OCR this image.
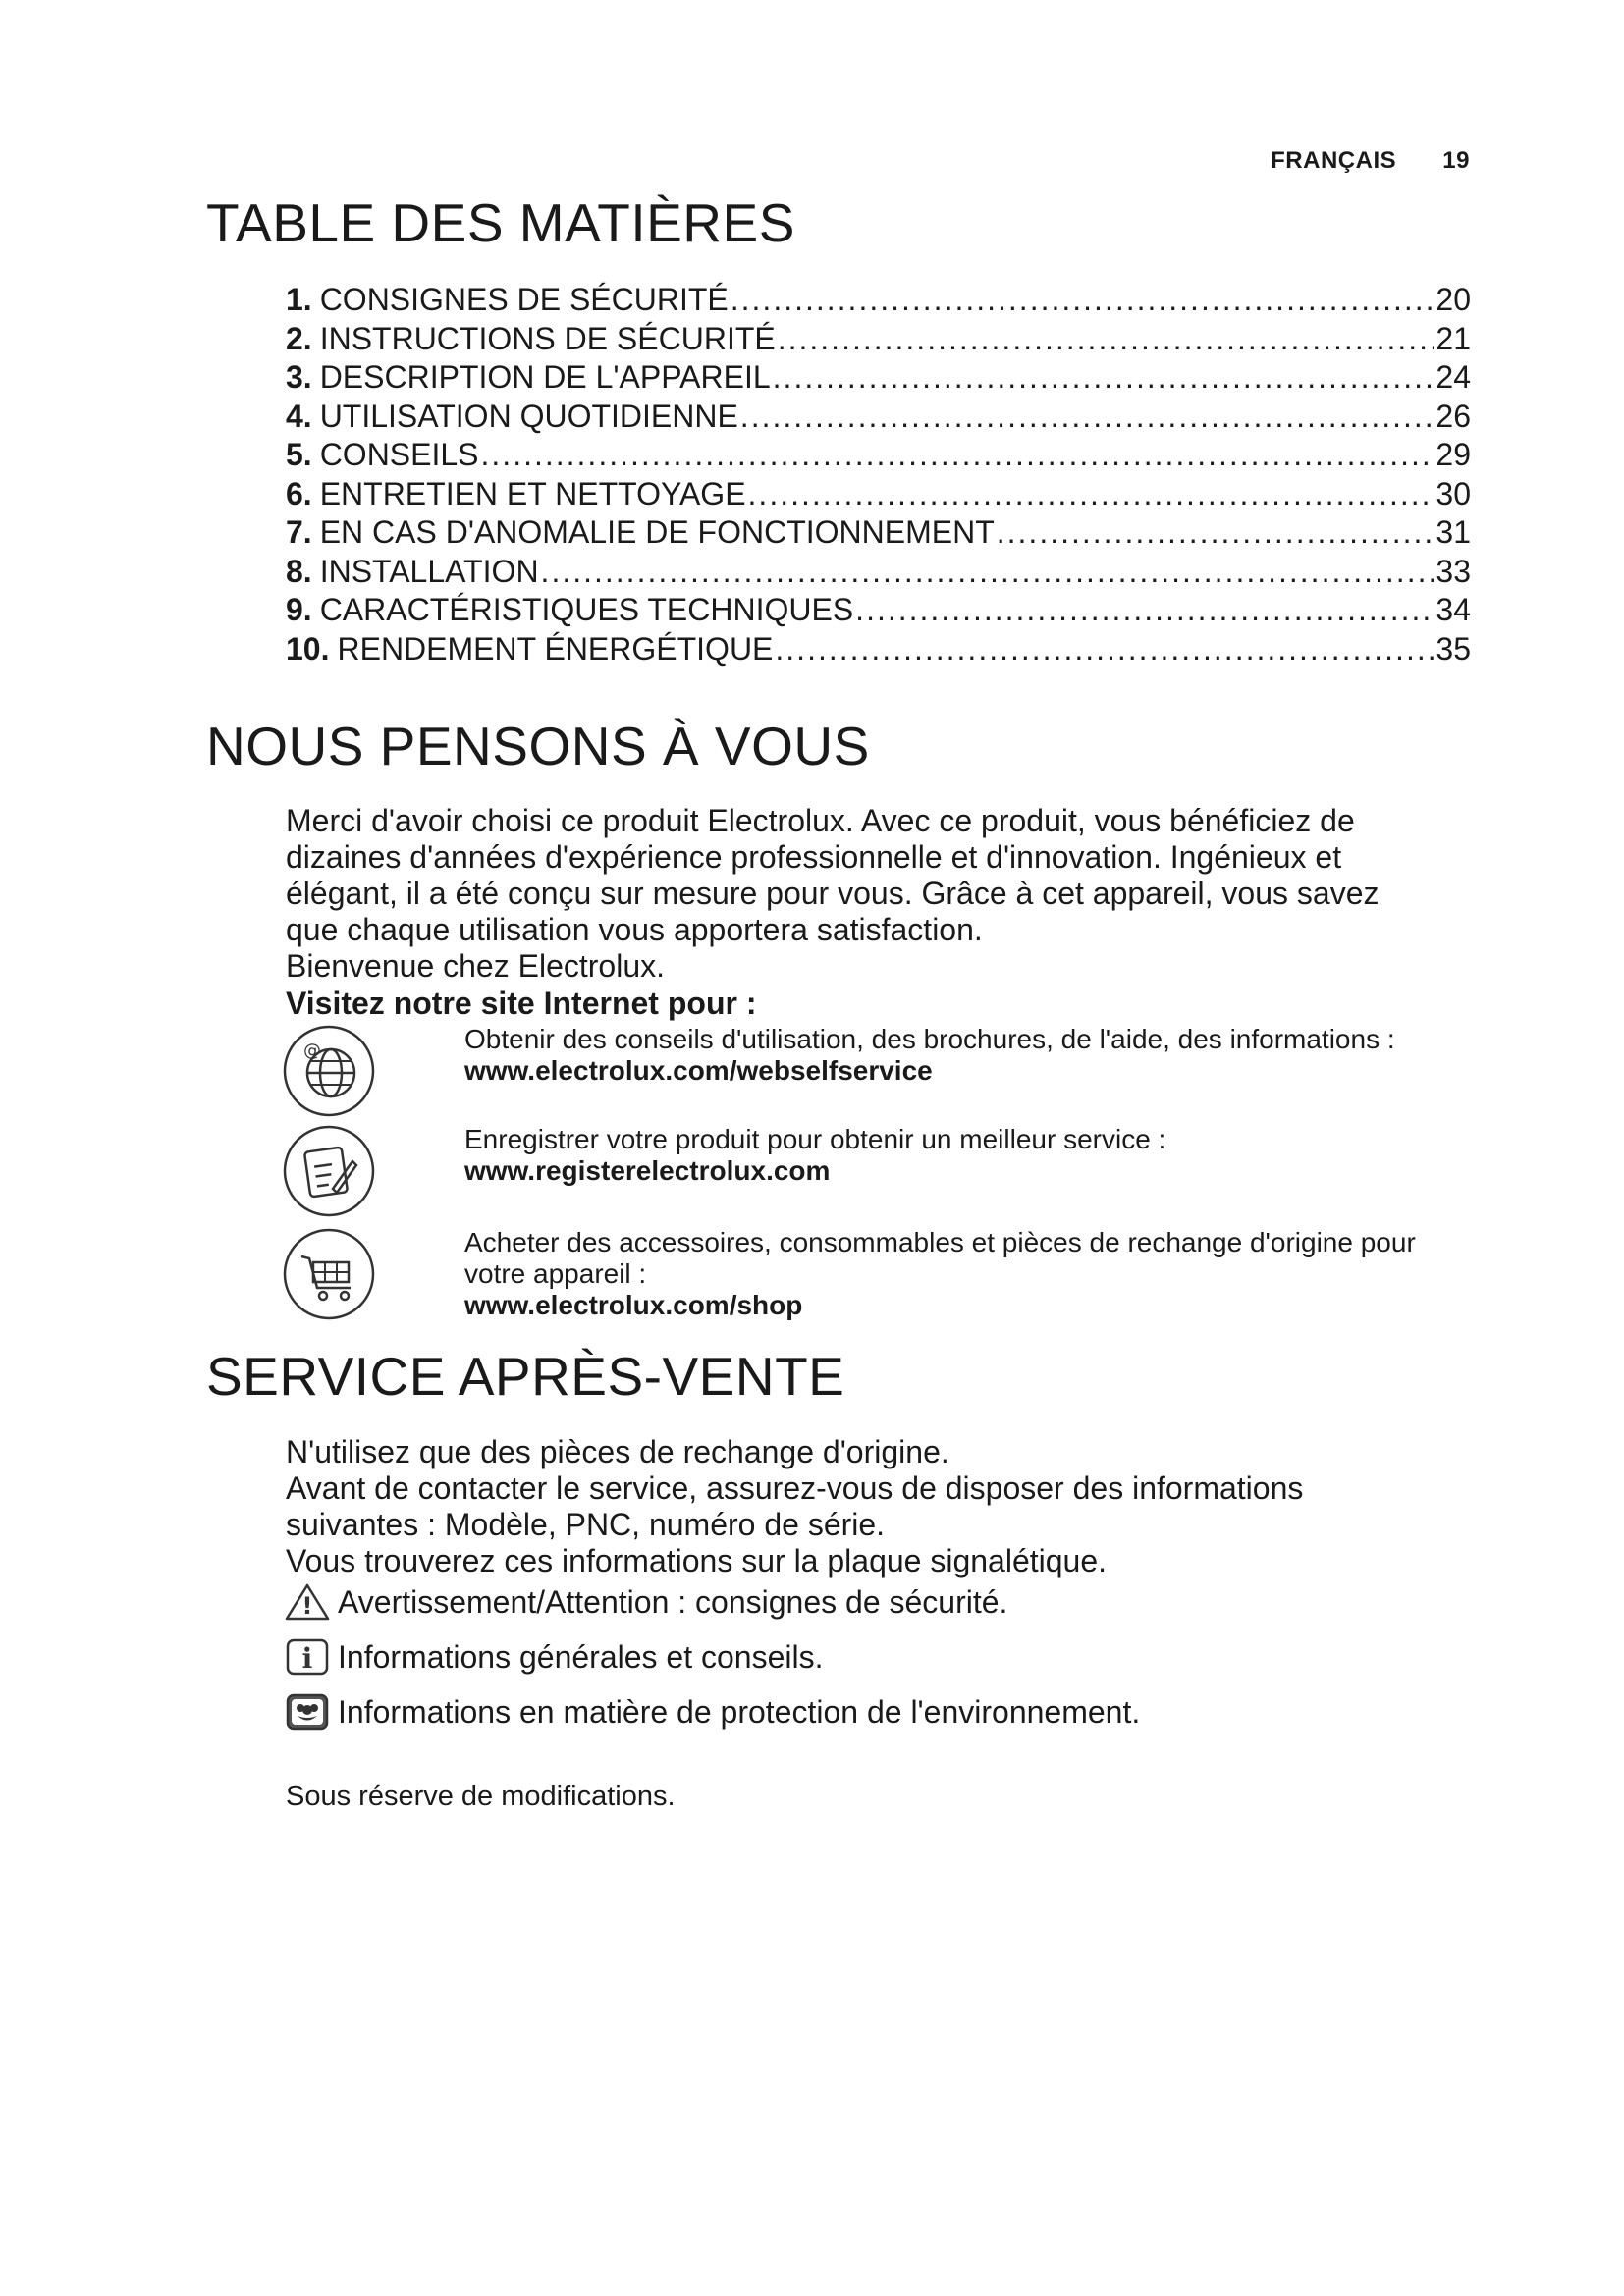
FRANÇAIS 19
TABLE DES MATIÈRES
1. CONSIGNES DE SÉCURITÉ .....	20
2. INSTRUCTIONS DE SÉCURITÉ .....	21
3. DESCRIPTION DE L'APPAREIL .....	24
4. UTILISATION QUOTIDIENNE .....	26
5. CONSEILS .....	29
6. ENTRETIEN ET NETTOYAGE .....	30
7. EN CAS D'ANOMALIE DE FONCTIONNEMENT .....	31
8. INSTALLATION .....	33
9. CARACTÉRISTIQUES TECHNIQUES .....	34
10. RENDEMENT ÉNERGÉTIQUE .....	35
NOUS PENSONS À VOUS

Merci d'avoir choisi ce produit Electrolux. Avec ce produit, vous bénéficiez de
dizaines d'années d'expérience professionnelle et d'innovation. Ingénieux et
élégant, il a été conçu sur mesure pour vous. Grâce à cet appareil, vous savez
que chaque utilisation vous apportera satisfaction.
Bienvenue chez Electrolux.

Visitez notre site Internet pour :

@	Obtenir des conseils d'utilisation, des brochures, de l'aide, des informations :
www.electrolux.com/webselfservice
Enregistrer votre produit pour obtenir un meilleur service :
www.registerelectrolux.com
Acheter des accessoires, consommables et pièces de rechange d'origine pour
votre appareil :
www.electrolux.com/shop
SERVICE APRÈS-VENTE

N'utilisez que des pièces de rechange d'origine.
Avant de contacter le service, assurez-vous de disposer des informations
suivantes : Modèle, PNC, numéro de série.
Vous trouverez ces informations sur la plaque signalétique.

! Avertissement/Attention : consignes de sécurité.
i Informations générales et conseils.
Informations en matière de protection de l'environnement.
Sous réserve de modifications.
